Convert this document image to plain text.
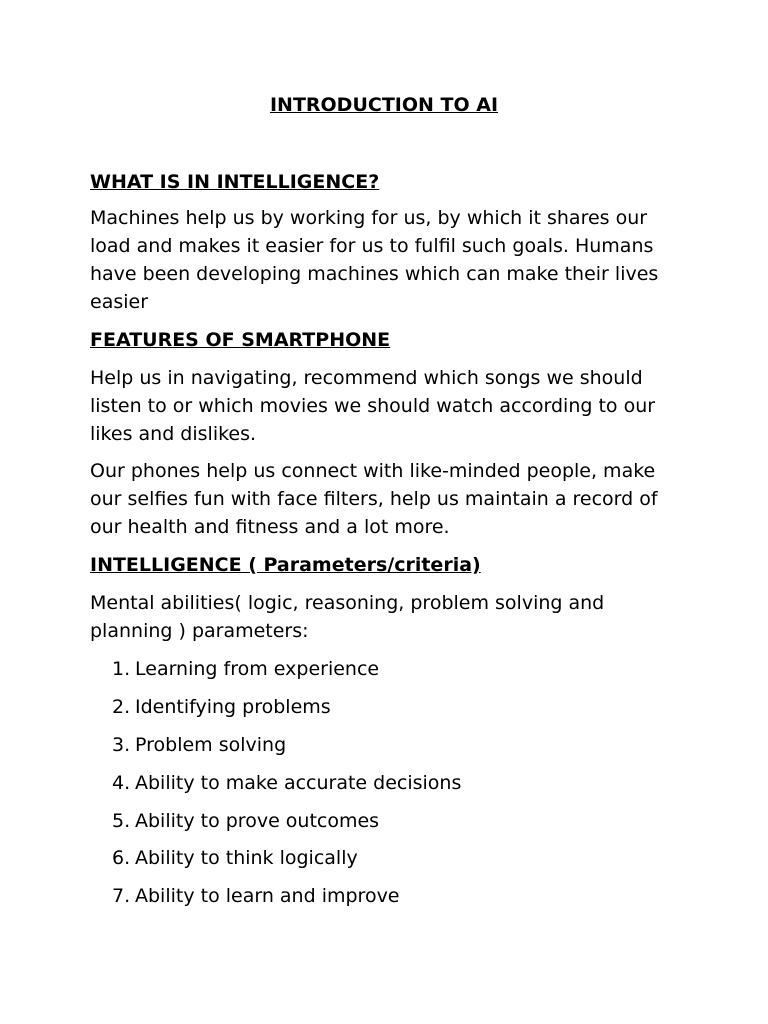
INTRODUCTION TO AI
WHAT IS IN INTELLIGENCE?

Machines help us by working for us, by which it shares our load and makes it easier for us to fulfil such goals. Humans have been developing machines which can make their lives easier

FEATURES OF SMARTPHONE

Help us in navigating, recommend which songs we should listen to or which movies we should watch according to our likes and dislikes.

Our phones help us connect with like-minded people, make our selfies fun with face filters, help us maintain a record of our health and fitness and a lot more.

INTELLIGENCE ( Parameters/criteria)

Mental abilities( logic, reasoning, problem solving and planning ) parameters:

1. Learning from experience
2. Identifying problems
3. Problem solving
4. Ability to make accurate decisions
5. Ability to prove outcomes
6. Ability to think logically
7. Ability to learn and improve
